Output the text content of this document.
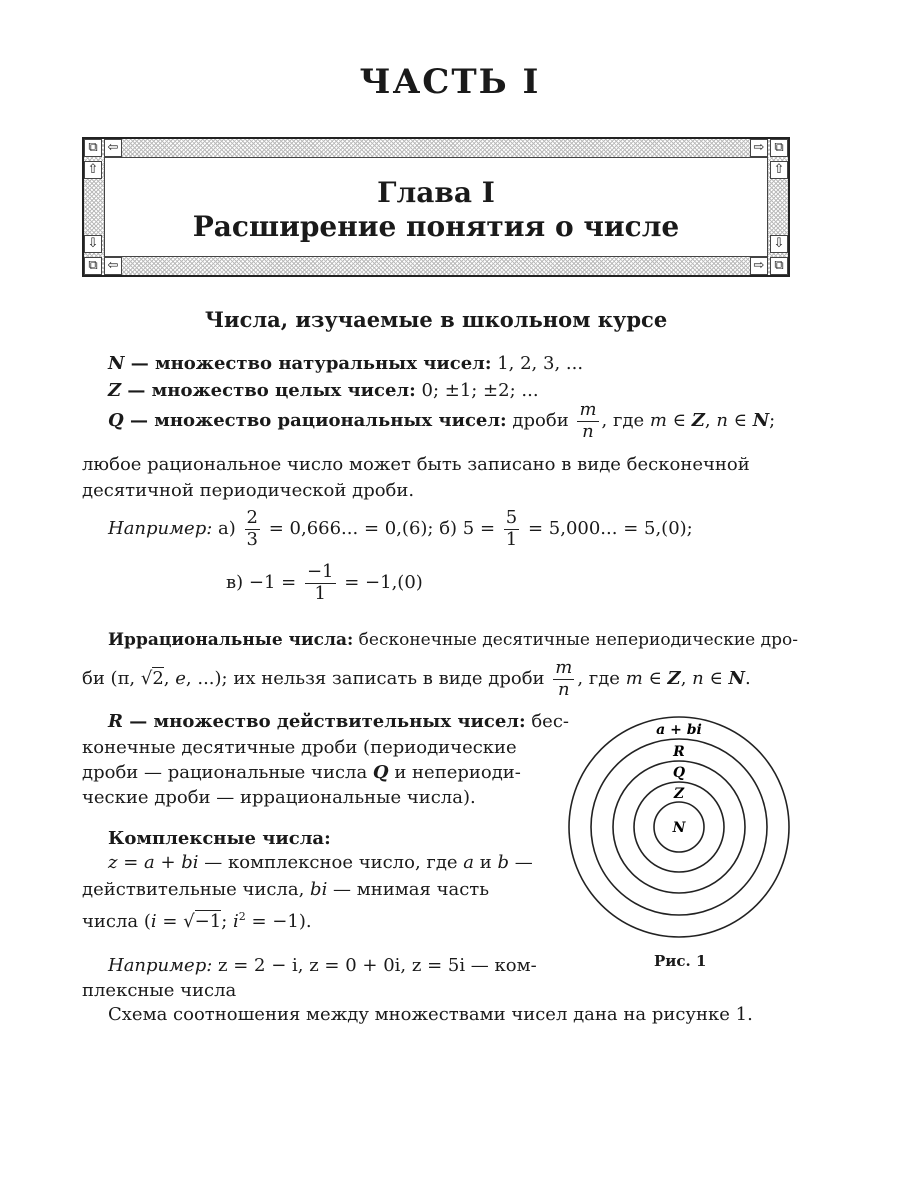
ЧАСТЬ I
Глава I
Расширение понятия о числе
⧉ ⇦	⇨ ⧉
⇧	⇧
⇩	⇩
⧉ ⇦	⇨ ⧉
Числа, изучаемые в школьном курсе
N — множество натуральных чисел: 1, 2, 3, ...
Z — множество целых чисел: 0; ±1; ±2; ...
Q — множество рациональных чисел: дроби $\frac{m}{n}$ , где m ∈ Z, n ∈ N;
любое рациональное число может быть записано в виде бесконечной
десятичной периодической дроби.
Например: $а) \frac{2}{3} = 0,666$... = 0,(6); б) $5 = \frac{5}{1} = 5,000$... = 5,(0);
$в) -1 = \frac{-1}{1} = -1,(0)$
Иррациональные числа: бесконечные десятичные непериодические дро-
би (π, √2, e, ...); их нельзя записать в виде дроби $\frac{m}{n}$ , где m ∈ Z, n ∈ N.
R — множество действительных чисел: бес-
конечные десятичные дроби (периодические
дроби — рациональные числа Q и непериоди-
ческие дроби — иррациональные числа).
Комплексные числа:
z = a + bi — комплексное число, где a и b —
действительные числа, bi — мнимая часть
числа (i = √−1; $i^2 = -1$).
Например: z = 2 − i, z = 0 + 0i, z = 5i — ком-
плексные числа
Схема соотношения между множествами чисел дана на рисунке 1.
a + bi
R
Q
Z
N
Рис. 1
